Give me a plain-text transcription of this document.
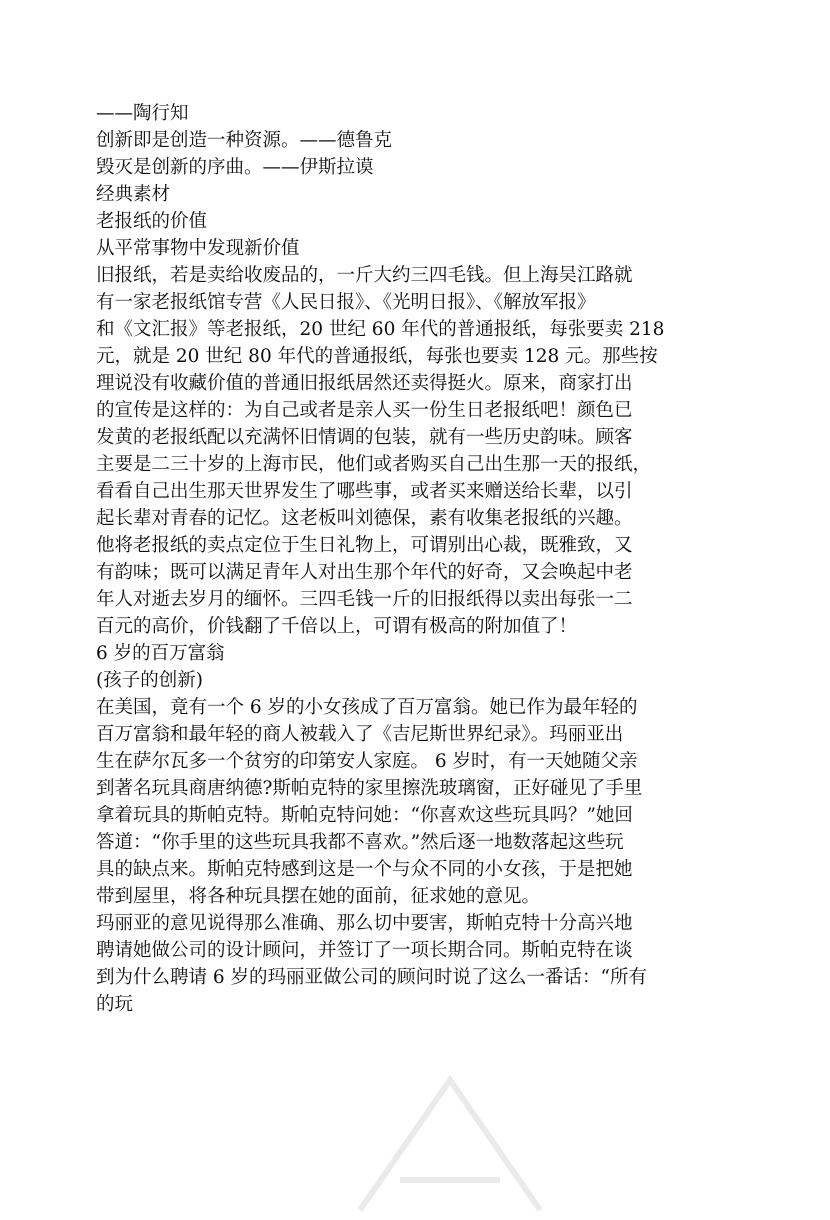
——陶行知
创新即是创造一种资源。——德鲁克
毁灭是创新的序曲。——伊斯拉谟
经典素材
老报纸的价值
从平常事物中发现新价值
旧报纸，若是卖给收废品的，一斤大约三四毛钱。但上海吴江路就
有一家老报纸馆专营《人民日报》、《光明日报》、《解放军报》
和《文汇报》等老报纸，20 世纪 60 年代的普通报纸，每张要卖 218
元，就是 20 世纪 80 年代的普通报纸，每张也要卖 128 元。那些按
理说没有收藏价值的普通旧报纸居然还卖得挺火。原来，商家打出
的宣传是这样的：为自己或者是亲人买一份生日老报纸吧！颜色已
发黄的老报纸配以充满怀旧情调的包装，就有一些历史韵味。顾客
主要是二三十岁的上海市民，他们或者购买自己出生那一天的报纸，
看看自己出生那天世界发生了哪些事，或者买来赠送给长辈，以引
起长辈对青春的记忆。这老板叫刘德保，素有收集老报纸的兴趣。
他将老报纸的卖点定位于生日礼物上，可谓别出心裁，既雅致，又
有韵味；既可以满足青年人对出生那个年代的好奇，又会唤起中老
年人对逝去岁月的缅怀。三四毛钱一斤的旧报纸得以卖出每张一二
百元的高价，价钱翻了千倍以上，可谓有极高的附加值了！
6 岁的百万富翁
(孩子的创新)
在美国，竟有一个 6 岁的小女孩成了百万富翁。她已作为最年轻的
百万富翁和最年轻的商人被载入了《吉尼斯世界纪录》。玛丽亚出
生在萨尔瓦多一个贫穷的印第安人家庭。 6 岁时，有一天她随父亲
到著名玩具商唐纳德?斯帕克特的家里擦洗玻璃窗，正好碰见了手里
拿着玩具的斯帕克特。斯帕克特问她：“你喜欢这些玩具吗？”她回
答道：“你手里的这些玩具我都不喜欢。”然后逐一地数落起这些玩
具的缺点来。斯帕克特感到这是一个与众不同的小女孩，于是把她
带到屋里，将各种玩具摆在她的面前，征求她的意见。
玛丽亚的意见说得那么准确、那么切中要害，斯帕克特十分高兴地
聘请她做公司的设计顾问，并签订了一项长期合同。斯帕克特在谈
到为什么聘请 6 岁的玛丽亚做公司的顾问时说了这么一番话：“所有
的玩
